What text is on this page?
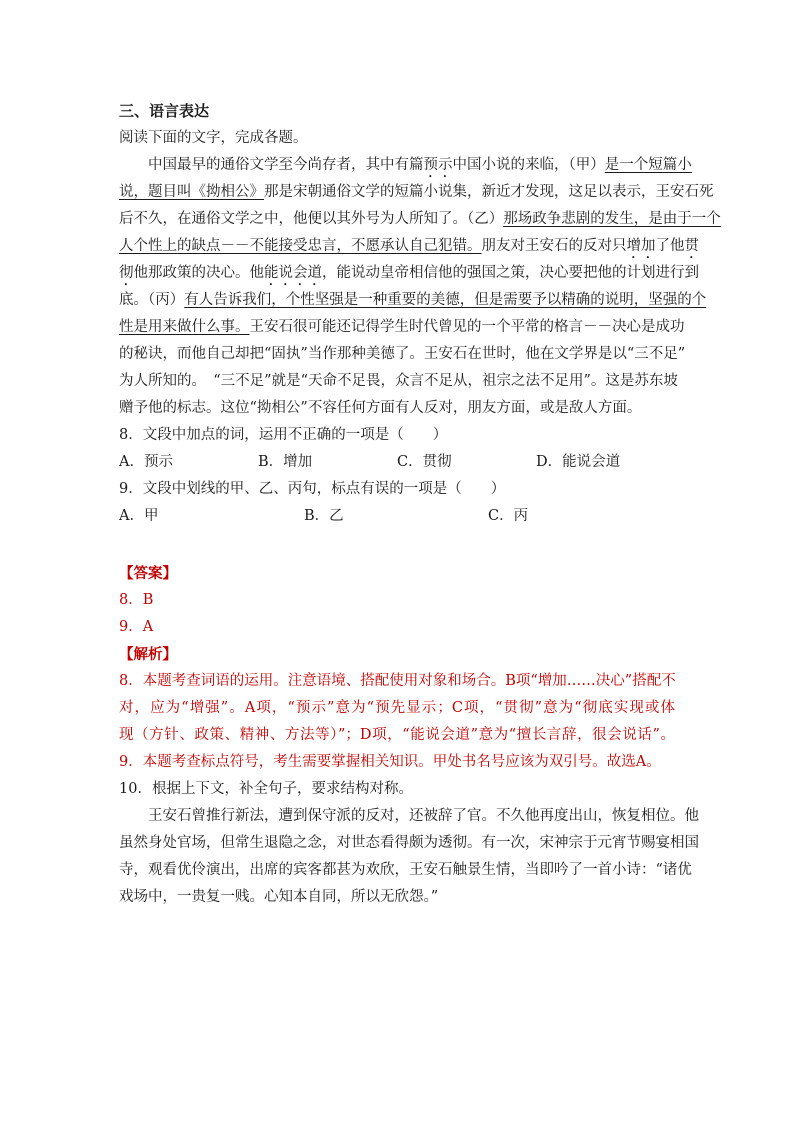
三、语言表达
阅读下面的文字，完成各题。
中国最早的通俗文学至今尚存者，其中有篇预示中国小说的来临，（甲）是一个短篇小
说，题目叫《拗相公》那是宋朝通俗文学的短篇小说集，新近才发现，这足以表示，王安石死
后不久，在通俗文学之中，他便以其外号为人所知了。（乙）那场政争悲剧的发生，是由于一个
人个性上的缺点－－不能接受忠言，不愿承认自己犯错。朋友对王安石的反对只增加了他贯
彻他那政策的决心。他能说会道，能说动皇帝相信他的强国之策，决心要把他的计划进行到
底。（丙）有人告诉我们，个性坚强是一种重要的美德，但是需要予以精确的说明，坚强的个
性是用来做什么事。王安石很可能还记得学生时代曾见的一个平常的格言－－决心是成功
的秘诀，而他自己却把“固执”当作那种美德了。王安石在世时，他在文学界是以“三不足”
为人所知的。　“三不足”就是“天命不足畏，众言不足从，祖宗之法不足用”。这是苏东坡
赠予他的标志。这位“拗相公”不容任何方面有人反对，朋友方面，或是敌人方面。
8．文段中加点的词，运用不正确的一项是（　　）
A．预示	B．增加	C．贯彻	D．能说会道
9．文段中划线的甲、乙、丙句，标点有误的一项是（　　）
A．甲	B．乙	C．丙
【答案】
8．B
9．A
【解析】
8．本题考查词语的运用。注意语境、搭配使用对象和场合。B项“增加……决心”搭配不
对，应为“增强”。A项，“预示”意为“预先显示；C项，“贯彻”意为“彻底实现或体
现（方针、政策、精神、方法等）”；D项，“能说会道”意为“擅长言辞，很会说话”。
9．本题考查标点符号，考生需要掌握相关知识。甲处书名号应该为双引号。故选A。
10．根据上下文，补全句子，要求结构对称。
王安石曾推行新法，遭到保守派的反对，还被辞了官。不久他再度出山，恢复相位。他
虽然身处官场，但常生退隐之念，对世态看得颇为透彻。有一次，宋神宗于元宵节赐宴相国
寺，观看优伶演出，出席的宾客都甚为欢欣，王安石触景生情，当即吟了一首小诗：“诸优
戏场中，一贵复一贱。心知本自同，所以无欣怨。”
